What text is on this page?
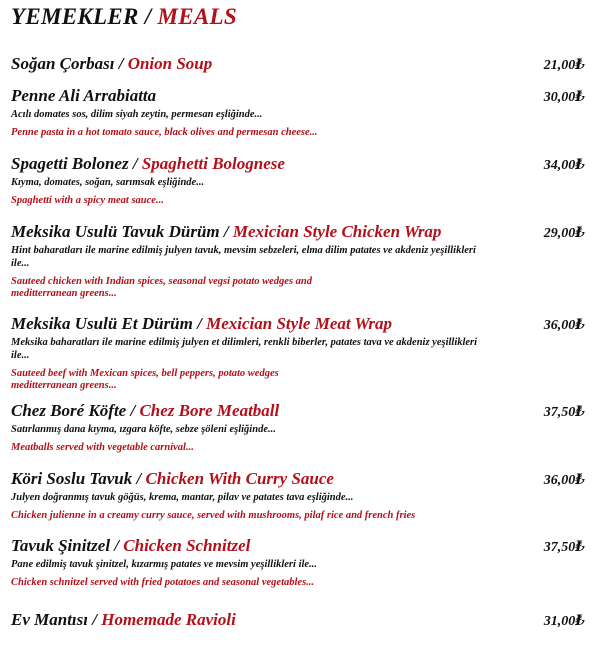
YEMEKLER / MEALS
Soğan Çorbası / Onion Soup	21,00₺
Penne Ali Arrabiatta	30,00₺
Acılı domates sos, dilim siyah zeytin, permesan eşliğinde...
Penne pasta in a hot tomato sauce, black olives and permesan cheese...
Spagetti Bolonez / Spaghetti Bolognese	34,00₺
Kıyma, domates, soğan, sarımsak eşliğinde...
Spaghetti with a spicy meat sauce...
Meksika Usulü Tavuk Dürüm / Mexician Style Chicken Wrap	29,00₺
Hint baharatları ile marine edilmiş julyen tavuk, mevsim sebzeleri, elma dilim patates ve akdeniz yeşillikleri ile...
Sauteed chicken with Indian spices, seasonal vegsi potato wedges and meditterranean greens...
Meksika Usulü Et Dürüm / Mexician Style Meat Wrap	36,00₺
Meksika baharatları ile marine edilmiş julyen et dilimleri, renkli biberler, patates tava ve akdeniz yeşillikleri ile...
Sauteed beef with Mexican spices, bell peppers, potato wedges meditterranean greens...
Chez Boré Köfte / Chez Bore Meatball	37,50₺
Satırlanmış dana kıyma, ızgara köfte, sebze şöleni eşliğinde...
Meatballs served with vegetable carnival...
Köri Soslu Tavuk / Chicken With Curry Sauce	36,00₺
Julyen doğranmış tavuk göğüs, krema, mantar, pilav ve patates tava eşliğinde...
Chicken julienne in a creamy curry sauce, served with mushrooms, pilaf rice and french fries
Tavuk Şinitzel / Chicken Schnitzel	37,50₺
Pane edilmiş tavuk şinitzel, kızarmış patates ve mevsim yeşillikleri ile...
Chicken schnitzel served with fried potatoes and seasonal vegetables...
Ev Mantısı / Homemade Ravioli	31,00₺
